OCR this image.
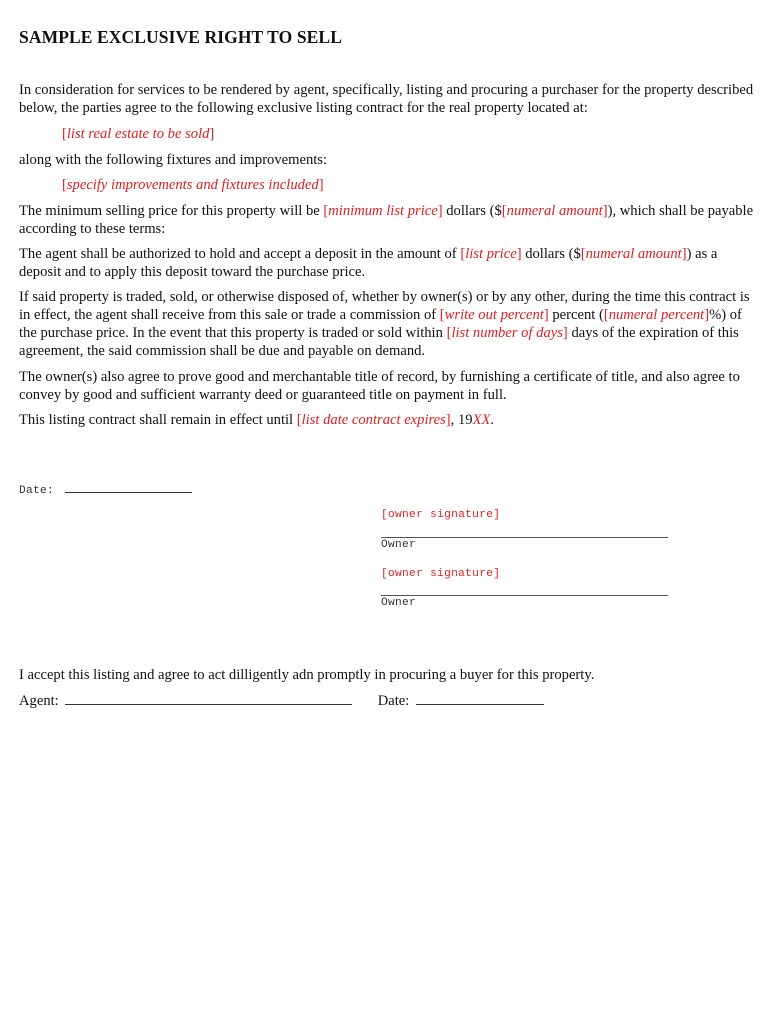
SAMPLE EXCLUSIVE RIGHT TO SELL

In consideration for services to be rendered by agent, specifically, listing and procuring a purchaser for the property described below, the parties agree to the following exclusive listing contract for the real property located at:

[list real estate to be sold]

along with the following fixtures and improvements:

[specify improvements and fixtures included]

The minimum selling price for this property will be [minimum list price] dollars ($[numeral amount]), which shall be payable according to these terms:

The agent shall be authorized to hold and accept a deposit in the amount of [list price] dollars ($[numeral amount]) as a deposit and to apply this deposit toward the purchase price.

If said property is traded, sold, or otherwise disposed of, whether by owner(s) or by any other, during the time this contract is in effect, the agent shall receive from this sale or trade a commission of [write out percent] percent ([numeral percent]%) of the purchase price. In the event that this property is traded or sold within [list number of days] days of the expiration of this agreement, the said commission shall be due and payable on demand.

The owner(s) also agree to prove good and merchantable title of record, by furnishing a certificate of title, and also agree to convey by good and sufficient warranty deed or guaranteed title on payment in full.

This listing contract shall remain in effect until [list date contract expires], 19XX.

Date:
[owner signature]
Owner
[owner signature]
Owner
I accept this listing and agree to act dilligently adn promptly in procuring a buyer for this property.
Agent:	Date:
